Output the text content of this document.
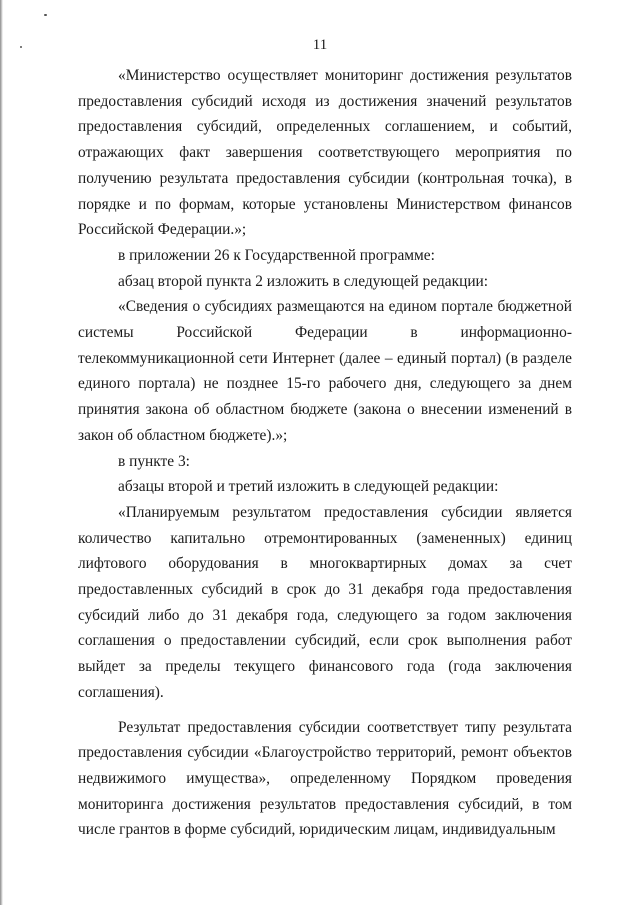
11

«Министерство осуществляет мониторинг достижения результатов предоставления субсидий исходя из достижения значений результатов предоставления субсидий, определенных соглашением, и событий, отражающих факт завершения соответствующего мероприятия по получению результата предоставления субсидии (контрольная точка), в порядке и по формам, которые установлены Министерством финансов Российской Федерации.»;

в приложении 26 к Государственной программе:

абзац второй пункта 2 изложить в следующей редакции:

«Сведения о субсидиях размещаются на едином портале бюджетной системы Российской Федерации в информационно-телекоммуникационной сети Интернет (далее – единый портал) (в разделе единого портала) не позднее 15-го рабочего дня, следующего за днем принятия закона об областном бюджете (закона о внесении изменений в закон об областном бюджете).»;

в пункте 3:

абзацы второй и третий изложить в следующей редакции:

«Планируемым результатом предоставления субсидии является количество капитально отремонтированных (замененных) единиц лифтового оборудования в многоквартирных домах за счет предоставленных субсидий в срок до 31 декабря года предоставления субсидий либо до 31 декабря года, следующего за годом заключения соглашения о предоставлении субсидий, если срок выполнения работ выйдет за пределы текущего финансового года (года заключения соглашения).

Результат предоставления субсидии соответствует типу результата предоставления субсидии «Благоустройство территорий, ремонт объектов недвижимого имущества», определенному Порядком проведения мониторинга достижения результатов предоставления субсидий, в том числе грантов в форме субсидий, юридическим лицам, индивидуальным
